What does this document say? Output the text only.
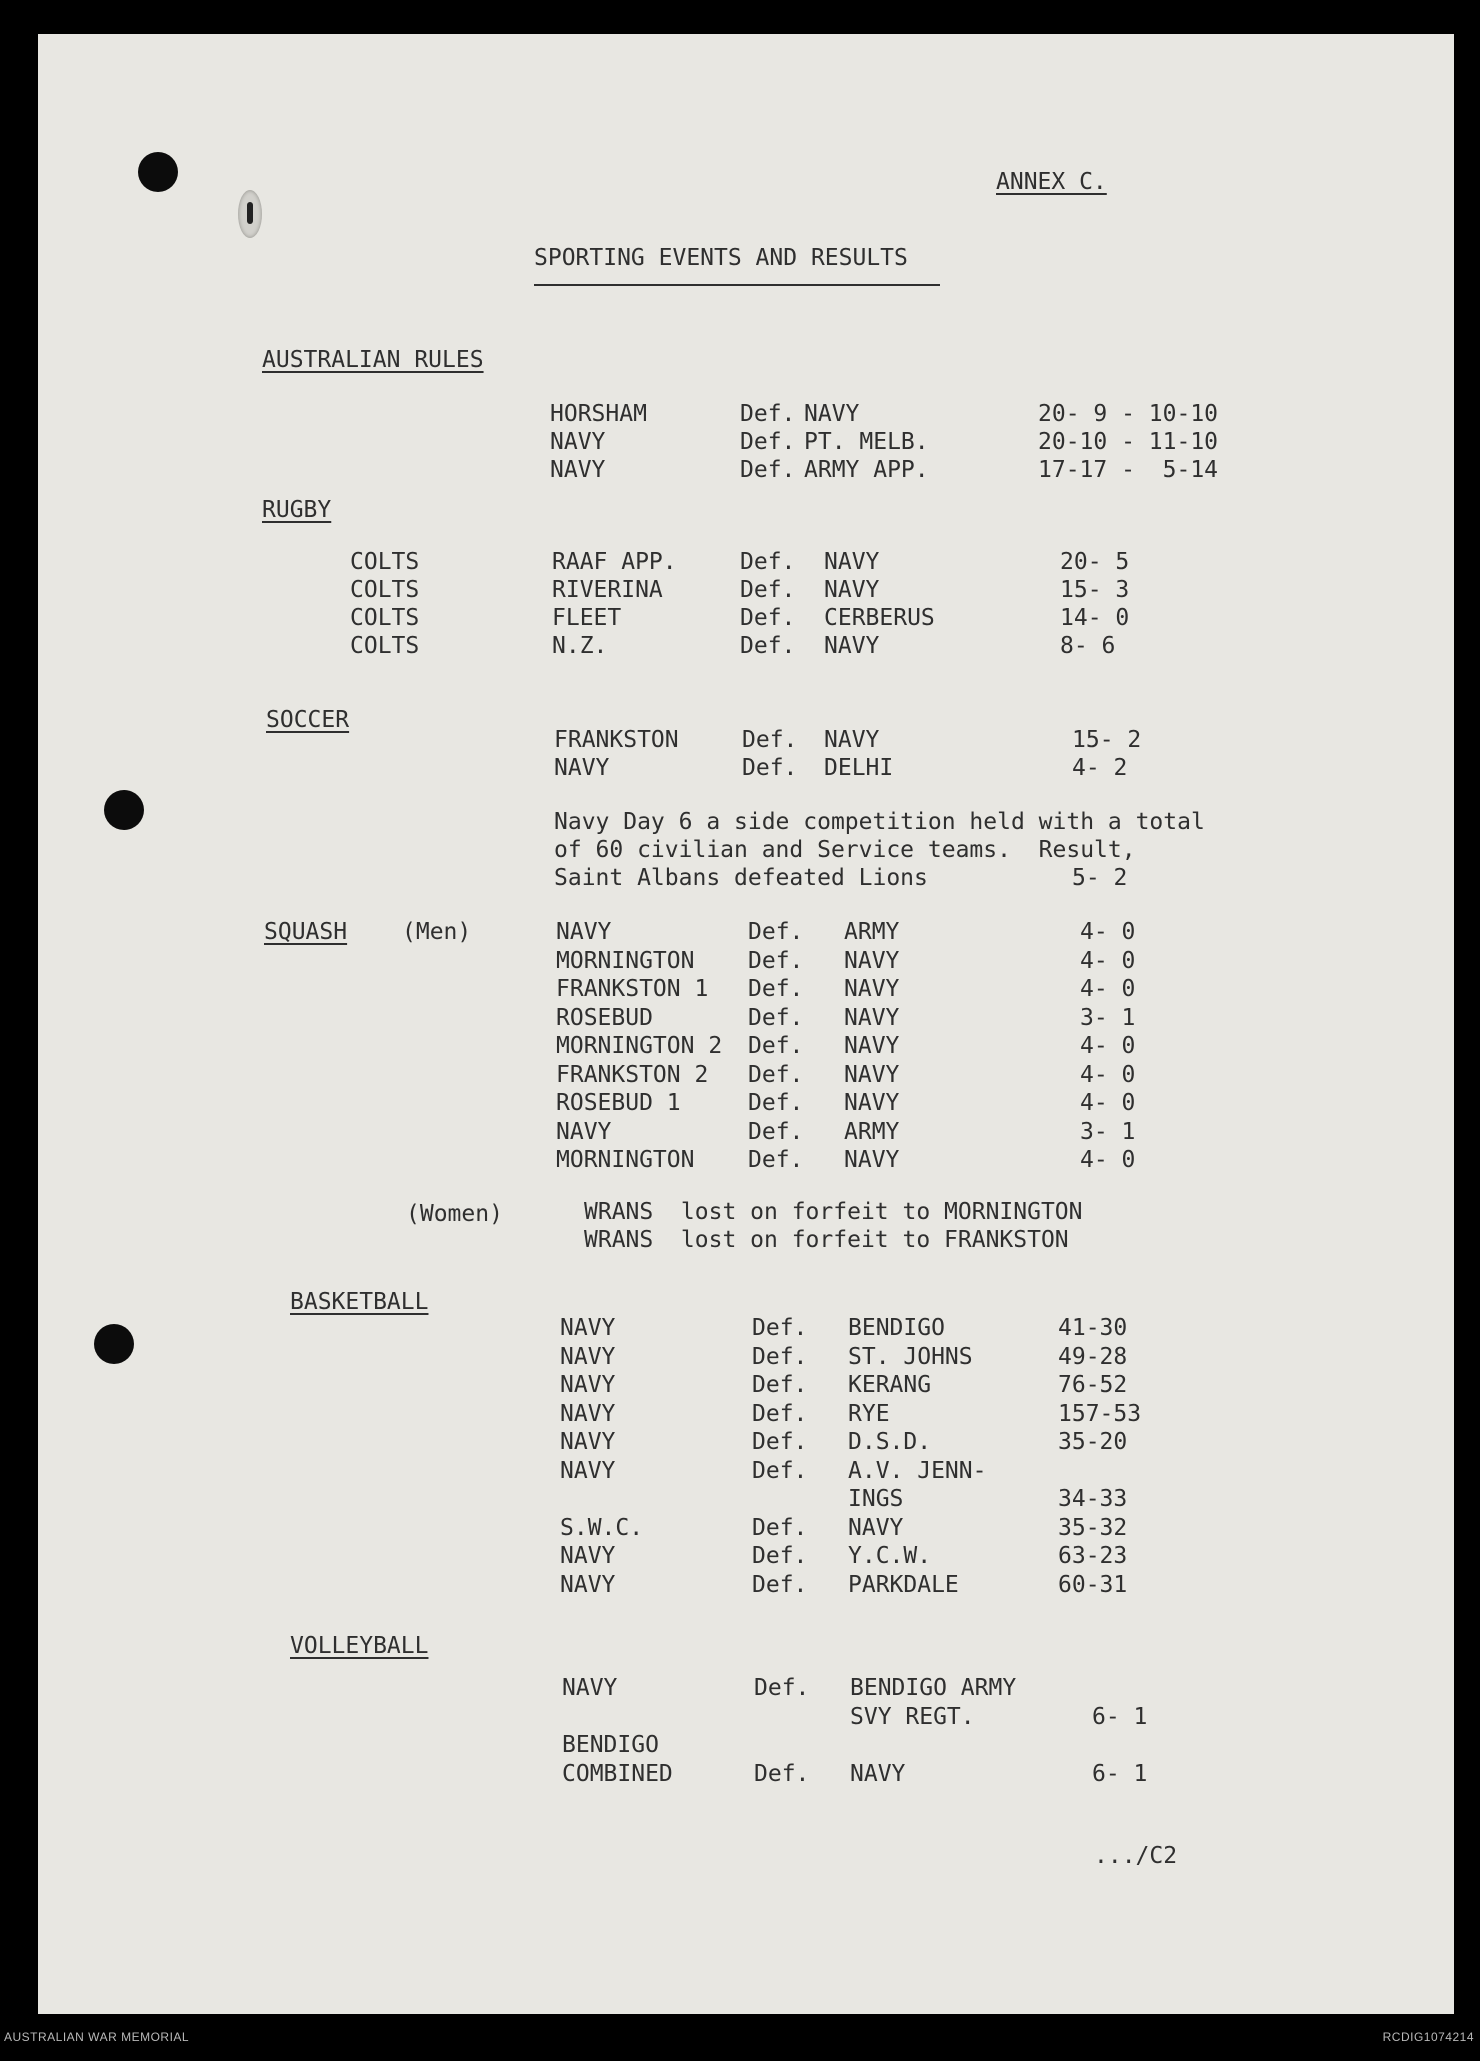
ANNEX C.
SPORTING EVENTS AND RESULTS
AUSTRALIAN RULES
HORSHAM	Def. NAVY	20- 9 - 10-10
NAVY	Def. PT. MELB.	20-10 - 11-10
NAVY	Def. ARMY APP.	17-17 -  5-14
RUGBY
COLTS	RAAF APP.	Def. NAVY	20- 5
COLTS	RIVERINA	Def. NAVY	15- 3
COLTS	FLEET	Def. CERBERUS	14- 0
COLTS	N.Z.	Def. NAVY	8- 6
SOCCER
FRANKSTON	Def. NAVY	15- 2
NAVY	Def. DELHI	4- 2
Navy Day 6 a side competition held with a total
of 60 civilian and Service teams.  Result,
Saint Albans defeated Lions	5- 2
SQUASH (Men)	NAVY	Def. ARMY	4- 0
MORNINGTON Def. NAVY	4- 0
FRANKSTON 1 Def. NAVY	4- 0
ROSEBUD	Def. NAVY	3- 1
MORNINGTON 2 Def. NAVY	4- 0
FRANKSTON 2 Def. NAVY	4- 0
ROSEBUD 1	Def. NAVY	4- 0
NAVY	Def. ARMY	3- 1
MORNINGTON Def. NAVY	4- 0
(Women)	WRANS  lost on forfeit to MORNINGTON
WRANS  lost on forfeit to FRANKSTON
BASKETBALL
NAVY	Def. BENDIGO	41-30
NAVY	Def. ST. JOHNS	49-28
NAVY	Def. KERANG	76-52
NAVY	Def. RYE	157-53
NAVY	Def. D.S.D.	35-20
NAVY	Def. A.V. JENN-
INGS	34-33
S.W.C.	Def. NAVY	35-32
NAVY	Def. Y.C.W.	63-23
NAVY	Def. PARKDALE	60-31
VOLLEYBALL
NAVY	Def. BENDIGO ARMY
SVY REGT.	6- 1
BENDIGO
COMBINED	Def. NAVY	6- 1
.../C2
AUSTRALIAN WAR MEMORIAL	RCDIG1074214
